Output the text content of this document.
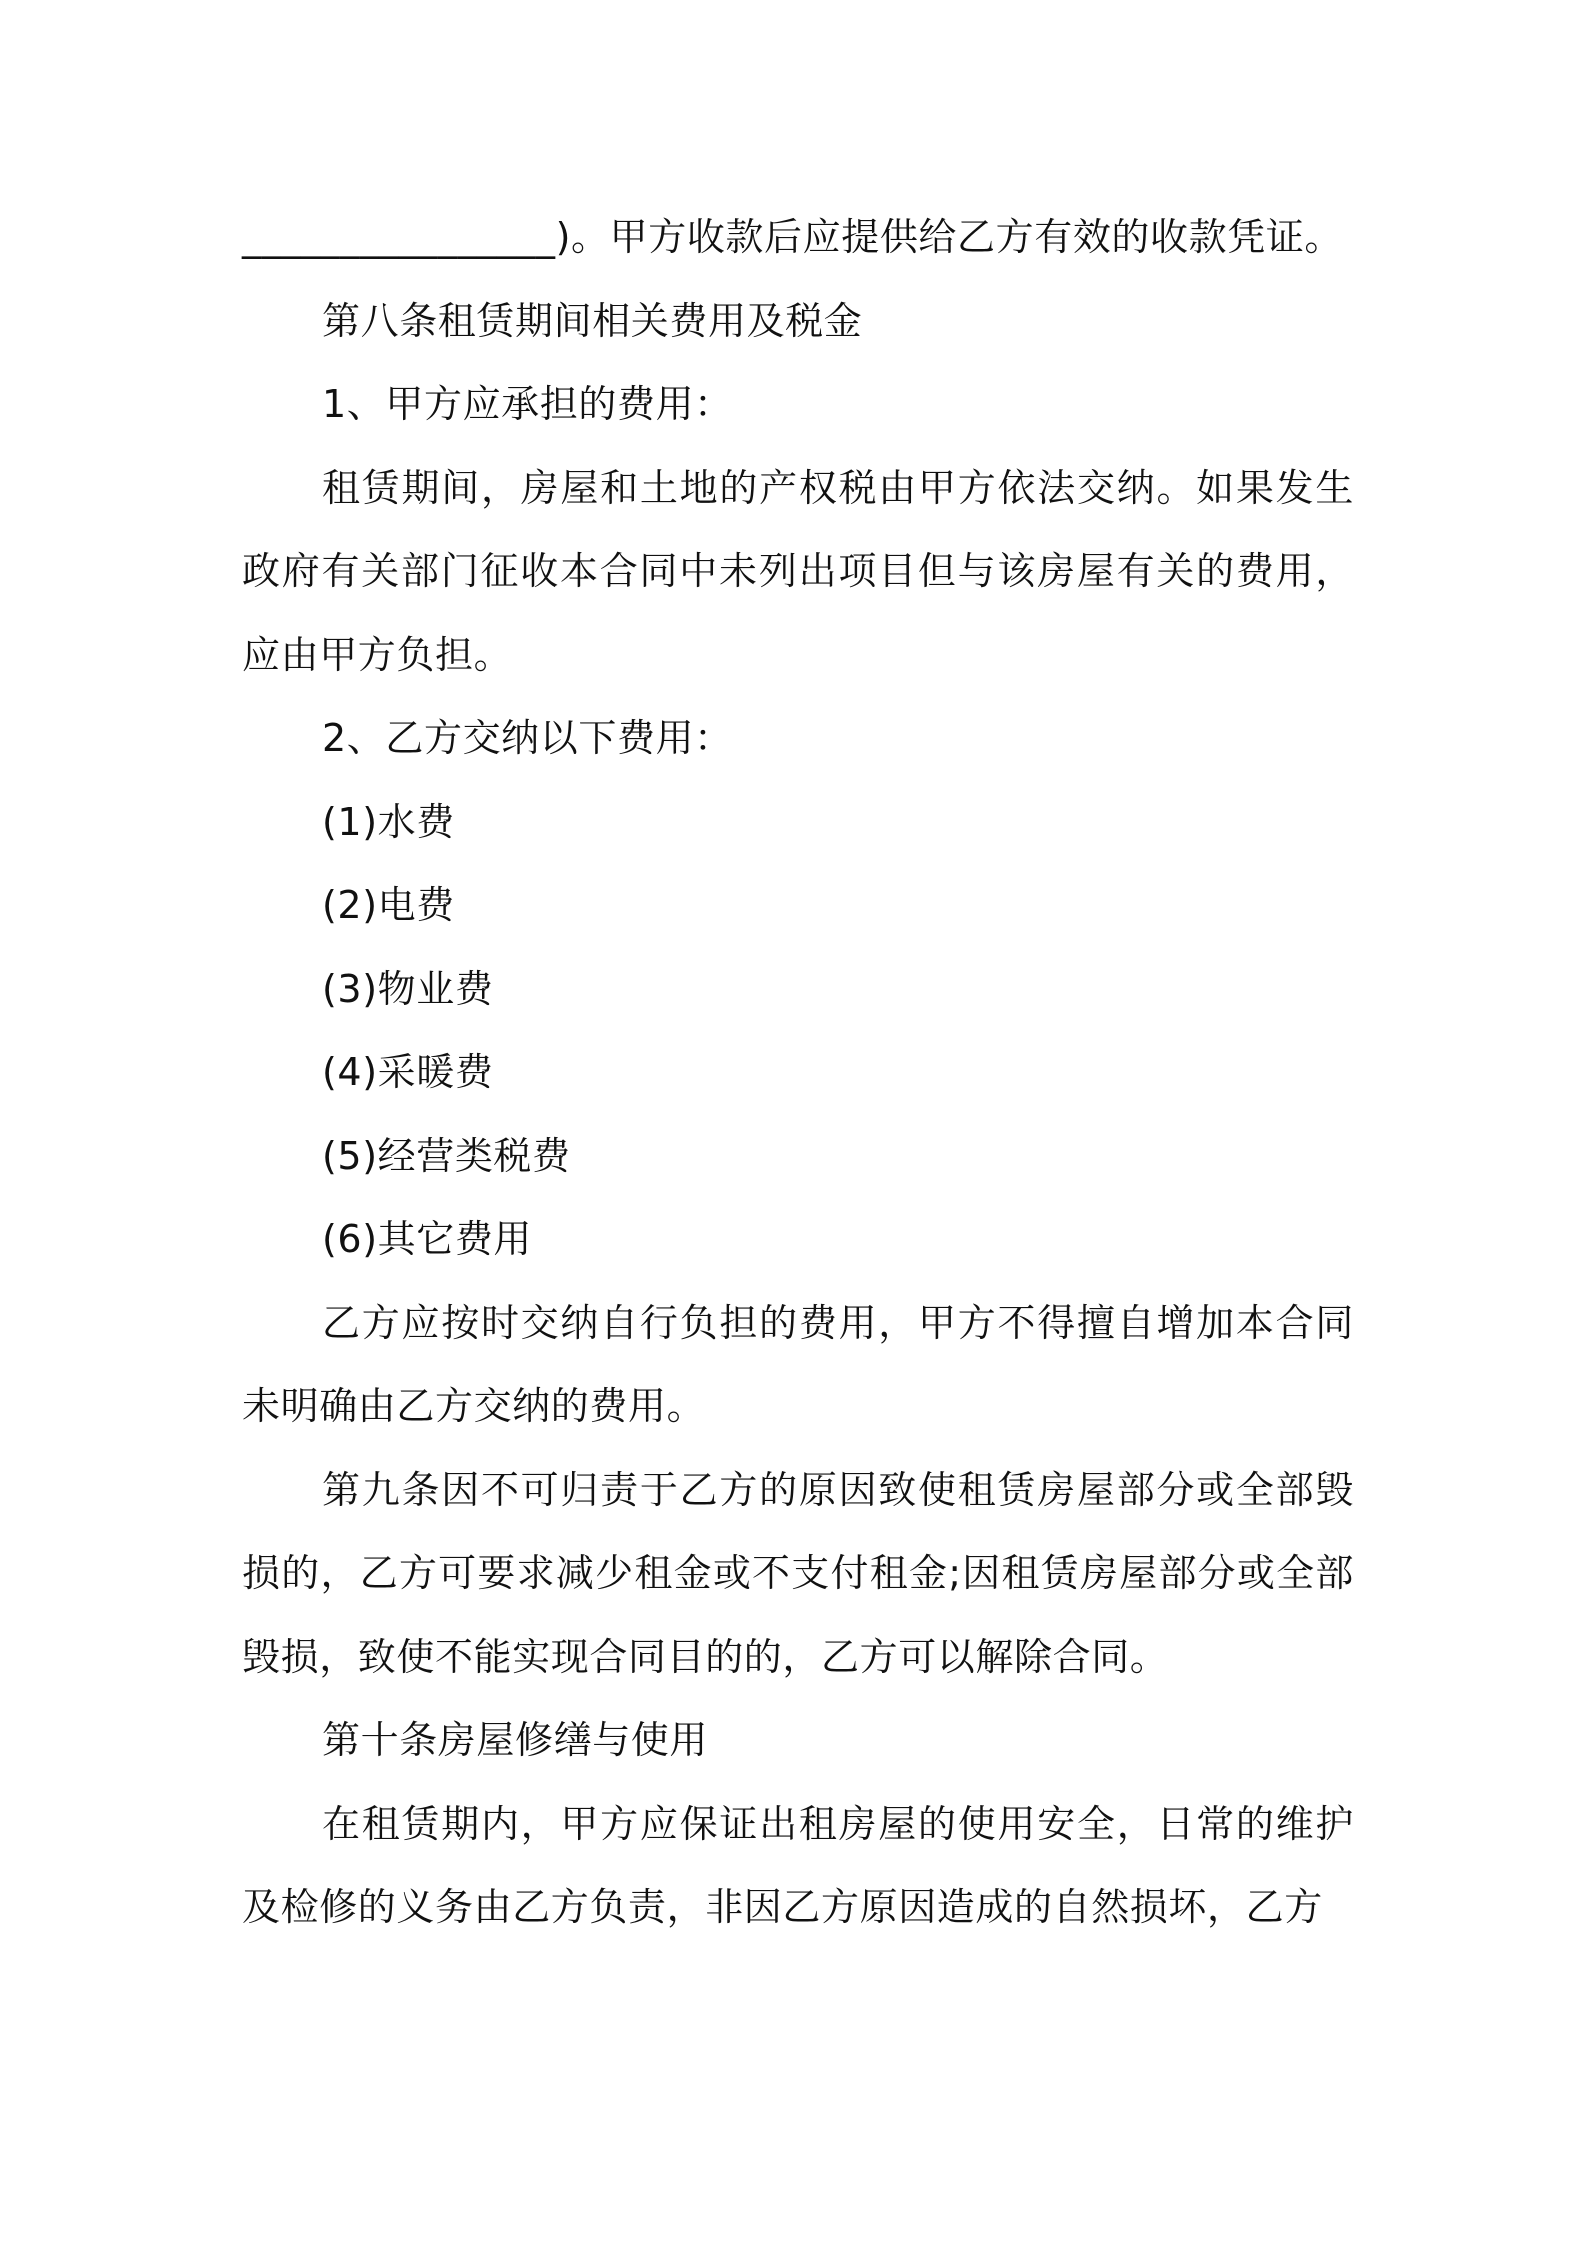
________________)。甲方收款后应提供给乙方有效的收款凭证。

第八条租赁期间相关费用及税金

1、甲方应承担的费用：

租赁期间，房屋和土地的产权税由甲方依法交纳。如果发生政府有关部门征收本合同中未列出项目但与该房屋有关的费用，应由甲方负担。

2、乙方交纳以下费用：

(1)水费

(2)电费

(3)物业费

(4)采暖费

(5)经营类税费

(6)其它费用

乙方应按时交纳自行负担的费用，甲方不得擅自增加本合同未明确由乙方交纳的费用。

第九条因不可归责于乙方的原因致使租赁房屋部分或全部毁损的，乙方可要求减少租金或不支付租金;因租赁房屋部分或全部毁损，致使不能实现合同目的的，乙方可以解除合同。

第十条房屋修缮与使用

在租赁期内，甲方应保证出租房屋的使用安全，日常的维护及检修的义务由乙方负责，非因乙方原因造成的自然损坏，乙方
